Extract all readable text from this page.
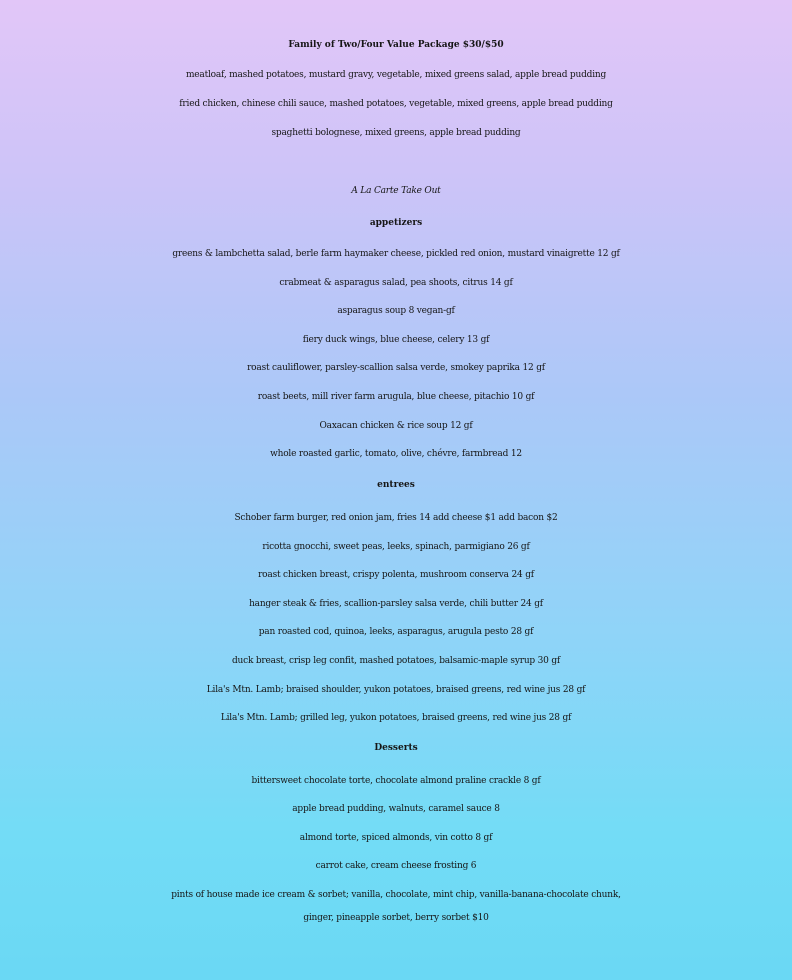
Family of Two/Four Value Package $30/$50
meatloaf, mashed potatoes, mustard gravy, vegetable, mixed greens salad, apple bread pudding
fried chicken, chinese chili sauce, mashed potatoes, vegetable, mixed greens, apple bread pudding
spaghetti bolognese, mixed greens, apple bread pudding
A La Carte Take Out
appetizers
greens & lambchetta salad, berle farm haymaker cheese, pickled red onion, mustard vinaigrette 12 gf
crabmeat & asparagus salad, pea shoots, citrus 14 gf
asparagus soup 8 vegan-gf
fiery duck wings, blue cheese, celery 13 gf
roast cauliflower, parsley-scallion salsa verde, smokey paprika 12 gf
roast beets, mill river farm arugula, blue cheese, pitachio 10 gf
Oaxacan chicken & rice soup 12 gf
whole roasted garlic, tomato, olive, chévre, farmbread 12
entrees
Schober farm burger, red onion jam, fries 14 add cheese $1 add bacon $2
ricotta gnocchi, sweet peas, leeks, spinach, parmigiano 26 gf
roast chicken breast, crispy polenta, mushroom conserva 24 gf
hanger steak & fries, scallion-parsley salsa verde, chili butter 24 gf
pan roasted cod, quinoa, leeks, asparagus, arugula pesto 28 gf
duck breast, crisp leg confit, mashed potatoes, balsamic-maple syrup 30 gf
Lila's Mtn. Lamb; braised shoulder, yukon potatoes, braised greens, red wine jus 28 gf
Lila's Mtn. Lamb; grilled leg, yukon potatoes, braised greens, red wine jus 28 gf
Desserts
bittersweet chocolate torte, chocolate almond praline crackle 8 gf
apple bread pudding, walnuts, caramel sauce 8
almond torte, spiced almonds, vin cotto 8 gf
carrot cake, cream cheese frosting 6
pints of house made ice cream & sorbet; vanilla, chocolate, mint chip, vanilla-banana-chocolate chunk,
ginger, pineapple sorbet, berry sorbet $10
